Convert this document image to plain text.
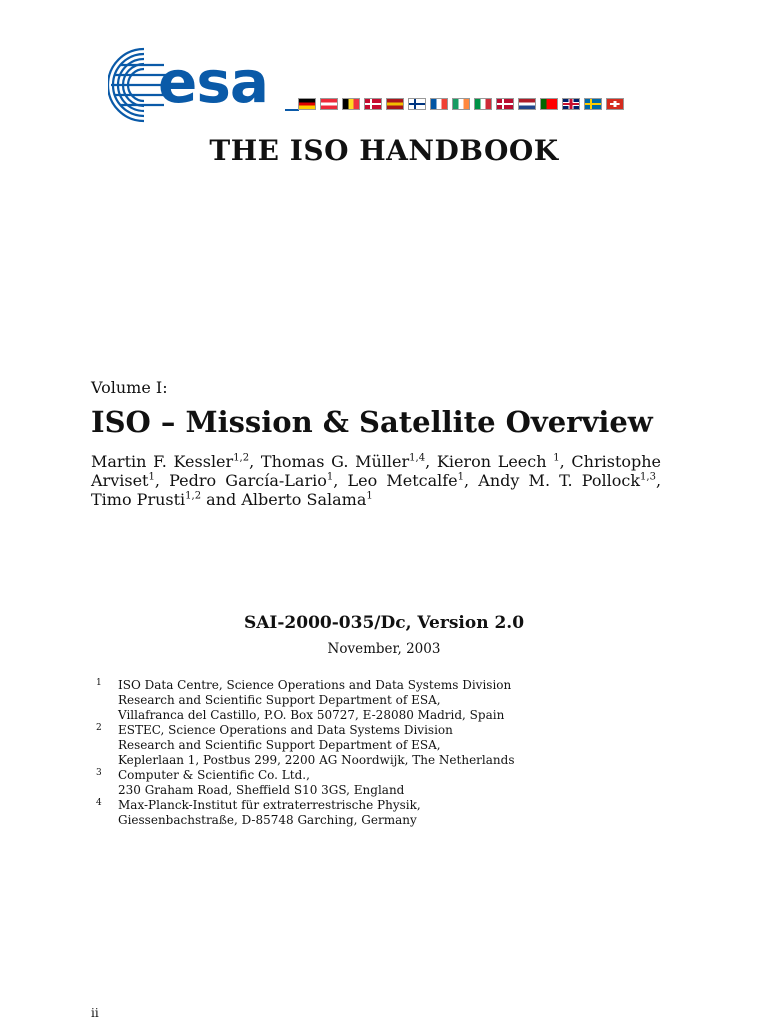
esa
THE ISO HANDBOOK
Volume I:
ISO – Mission & Satellite Overview
Martin F. Kessler$^{1,2}$, Thomas G. Müller$^{1,4}$, Kieron Leech $^1$, Christophe Arviset$^1$, Pedro García-Lario$^1$, Leo Metcalfe$^1$, Andy M. T. Pollock$^{1,3}$, Timo Prusti$^{1,2}$ and Alberto Salama$^1$
SAI-2000-035/Dc, Version 2.0
November, 2003
1 ISO Data Centre, Science Operations and Data Systems Division
Research and Scientific Support Department of ESA,
Villafranca del Castillo, P.O. Box 50727, E-28080 Madrid, Spain
2 ESTEC, Science Operations and Data Systems Division
Research and Scientific Support Department of ESA,
Keplerlaan 1, Postbus 299, 2200 AG Noordwijk, The Netherlands
3 Computer & Scientific Co. Ltd.,
230 Graham Road, Sheffield S10 3GS, England
4 Max-Planck-Institut für extraterrestrische Physik,
Giessenbachstraße, D-85748 Garching, Germany
ii
